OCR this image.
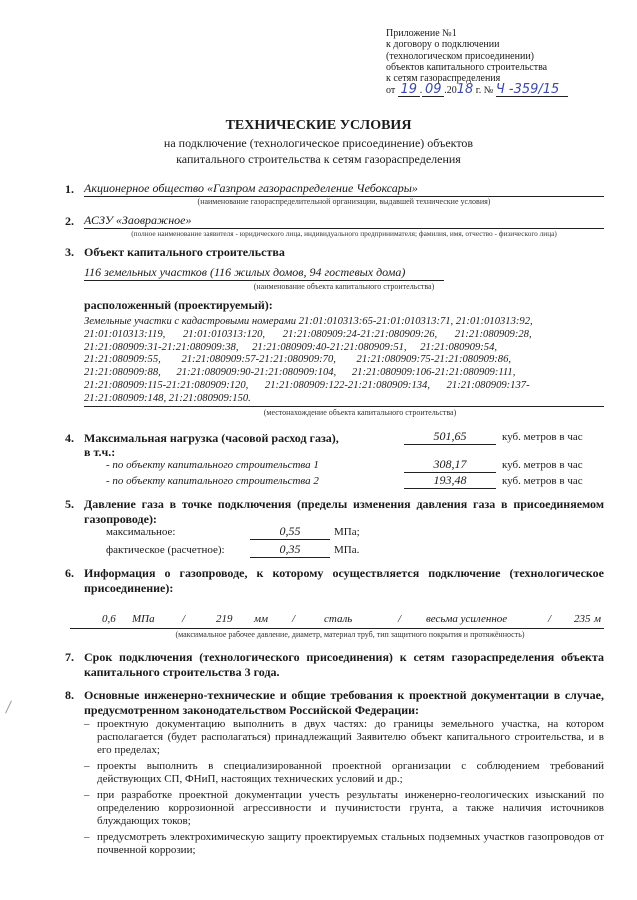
Приложение №1
к договору о подключении
(технологическом присоединении)
объектов капитального строительства
к сетям газораспределения
от 19 . 09 .2018 г. № Ч -359/15
ТЕХНИЧЕСКИЕ УСЛОВИЯ
на подключение (технологическое присоединение) объектов
капитального строительства к сетям газораспределения
1. Акционерное общество «Газпром газораспределение Чебоксары»
(наименование газораспределительной организации, выдавшей технические условия)
2. АСЗУ «Заовражное»
(полное наименование заявителя - юридического лица, индивидуального предпринимателя; фамилия, имя, отчество - физического лица)
3. Объект капитального строительства
116 земельных участков (116 жилых домов, 94 гостевых дома)
(наименование объекта капитального строительства)
расположенный (проектируемый):
Земельные участки с кадастровыми номерами 21:01:010313:65-21:01:010313:71, 21:01:010313:92,
21:01:010313:119, 21:01:010313:120, 21:21:080909:24-21:21:080909:26, 21:21:080909:28,
21:21:080909:31-21:21:080909:38, 21:21:080909:40-21:21:080909:51, 21:21:080909:54,
21:21:080909:55, 21:21:080909:57-21:21:080909:70, 21:21:080909:75-21:21:080909:86,
21:21:080909:88, 21:21:080909:90-21:21:080909:104, 21:21:080909:106-21:21:080909:111,
21:21:080909:115-21:21:080909:120, 21:21:080909:122-21:21:080909:134, 21:21:080909:137-
21:21:080909:148, 21:21:080909:150.
(местонахождение объекта капитального строительства)
4. Максимальная нагрузка (часовой расход газа),	501,65	куб. метров в час
в т.ч.:
- по объекту капитального строительства 1	308,17	куб. метров в час
- по объекту капитального строительства 2	193,48	куб. метров в час
5. Давление газа в точке подключения (пределы изменения давления газа в присоединяемом
газопроводе):
максимальное:	0,55	МПа;
фактическое (расчетное):	0,35	МПа.
6. Информация о газопроводе, к которому осуществляется подключение (технологическое
присоединение):
0,6 МПа /	219 мм /	сталь	/ весьма усиленное	/ 235 м
(максимальное рабочее давление, диаметр, материал труб, тип защитного покрытия и протяжённость)
7. Срок подключения (технологического присоединения) к сетям газораспределения объекта
капитального строительства 3 года.
8. Основные инженерно-технические и общие требования к проектной документации в случае,
предусмотренном законодательством Российской Федерации:
– проектную документацию выполнить в двух частях: до границы земельного участка, на котором располагается (будет располагаться) принадлежащий Заявителю объект капитального строительства, и в его пределах;
– проекты выполнить в специализированной проектной организации с соблюдением требований действующих СП, ФНиП, настоящих технических условий и др.;
– при разработке проектной документации учесть результаты инженерно-геологических изысканий по определению коррозионной агрессивности и пучинистости грунта, а также наличия источников блуждающих токов;
– предусмотреть электрохимическую защиту проектируемых стальных подземных участков газопроводов от почвенной коррозии;
